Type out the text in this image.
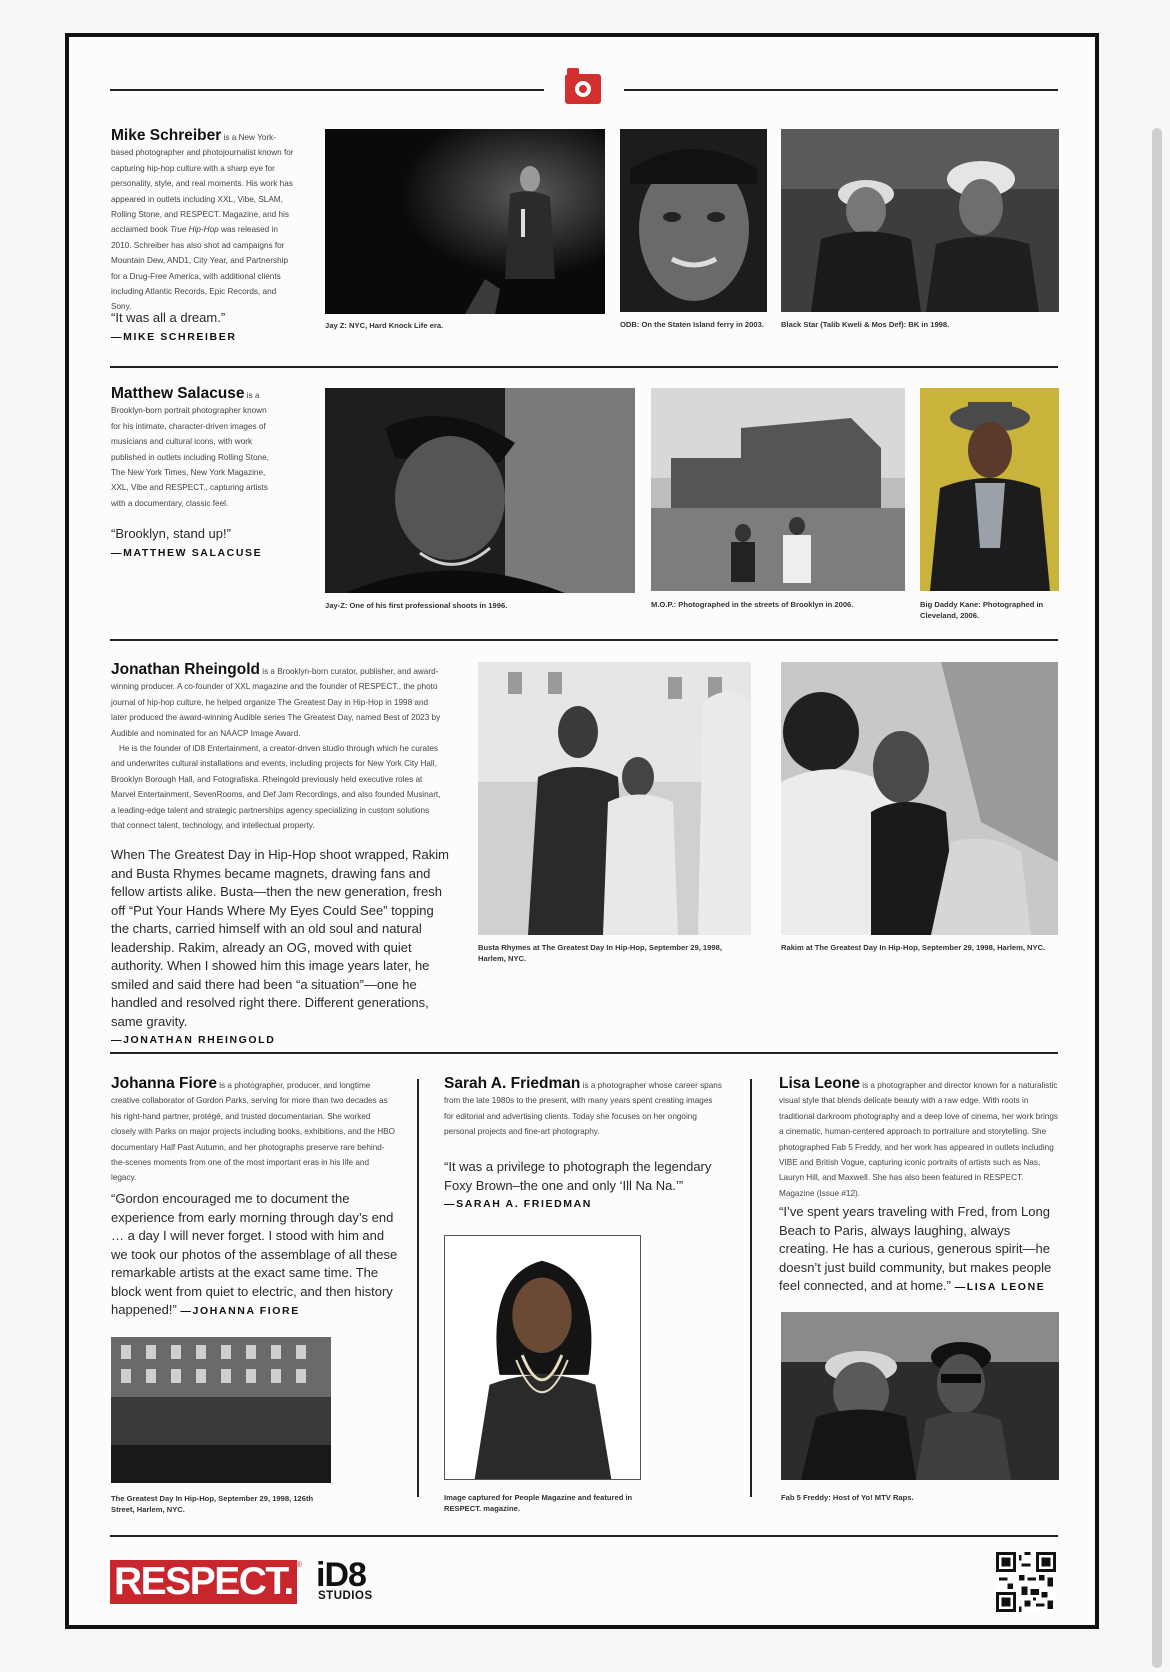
Mike Schreiber is a New York-based photographer and photojournalist known for capturing hip-hop culture with a sharp eye for personality, style, and real moments. His work has appeared in outlets including XXL, Vibe, SLAM, Rolling Stone, and RESPECT. Magazine, and his acclaimed book True Hip-Hop was released in 2010. Schreiber has also shot ad campaigns for Mountain Dew, AND1, City Year, and Partnership for a Drug-Free America, with additional clients including Atlantic Records, Epic Records, and Sony.
“It was all a dream.”
—MIKE SCHREIBER
Jay Z: NYC, Hard Knock Life era.	ODB: On the Staten Island ferry in 2003.	Black Star (Talib Kweli & Mos Def): BK in 1998.
Matthew Salacuse is a Brooklyn-born portrait photographer known for his intimate, character-driven images of musicians and cultural icons, with work published in outlets including Rolling Stone, The New York Times, New York Magazine, XXL, Vibe and RESPECT., capturing artists with a documentary, classic feel.
“Brooklyn, stand up!”
—MATTHEW SALACUSE
Jay-Z: One of his first professional shoots in 1996.	M.O.P.: Photographed in the streets of Brooklyn in 2006.	Big Daddy Kane: Photographed in Cleveland, 2006.
Jonathan Rheingold is a Brooklyn-born curator, publisher, and award-winning producer. A co-founder of XXL magazine and the founder of RESPECT., the photo journal of hip-hop culture, he helped organize The Greatest Day in Hip-Hop in 1998 and later produced the award-winning Audible series The Greatest Day, named Best of 2023 by Audible and nominated for an NAACP Image Award.
He is the founder of iD8 Entertainment, a creator-driven studio through which he curates and underwrites cultural installations and events, including projects for New York City Hall, Brooklyn Borough Hall, and Fotografiska. Rheingold previously held executive roles at Marvel Entertainment, SevenRooms, and Def Jam Recordings, and also founded Musinart, a leading-edge talent and strategic partnerships agency specializing in custom solutions that connect talent, technology, and intellectual property.
When The Greatest Day in Hip-Hop shoot wrapped, Rakim and Busta Rhymes became magnets, drawing fans and fellow artists alike. Busta—then the new generation, fresh off “Put Your Hands Where My Eyes Could See” topping the charts, carried himself with an old soul and natural leadership. Rakim, already an OG, moved with quiet authority. When I showed him this image years later, he smiled and said there had been “a situation”—one he handled and resolved right there. Different generations, same gravity.
—JONATHAN RHEINGOLD
Busta Rhymes at The Greatest Day In Hip-Hop, September 29, 1998, Harlem, NYC.
Rakim at The Greatest Day In Hip-Hop, September 29, 1998, Harlem, NYC.
Johanna Fiore is a photographer, producer, and longtime creative collaborator of Gordon Parks, serving for more than two decades as his right-hand partner, protégé, and trusted documentarian. She worked closely with Parks on major projects including books, exhibitions, and the HBO documentary Half Past Autumn, and her photographs preserve rare behind-the-scenes moments from one of the most important eras in his life and legacy.
“Gordon encouraged me to document the experience from early morning through day’s end … a day I will never forget. I stood with him and we took our photos of the assemblage of all these remarkable artists at the exact same time. The block went from quiet to electric, and then history happened!” —JOHANNA FIORE
The Greatest Day In Hip-Hop, September 29, 1998, 126th Street, Harlem, NYC.
Sarah A. Friedman is a photographer whose career spans from the late 1980s to the present, with many years spent creating images for editorial and advertising clients. Today she focuses on her ongoing personal projects and fine-art photography.
“It was a privilege to photograph the legendary Foxy Brown–the one and only ‘Ill Na Na.’”
—SARAH A. FRIEDMAN
Image captured for People Magazine and featured in RESPECT. magazine.
Lisa Leone is a photographer and director known for a naturalistic visual style that blends delicate beauty with a raw edge. With roots in traditional darkroom photography and a deep love of cinema, her work brings a cinematic, human-centered approach to portraiture and storytelling. She photographed Fab 5 Freddy, and her work has appeared in outlets including VIBE and British Vogue, capturing iconic portraits of artists such as Nas, Lauryn Hill, and Maxwell. She has also been featured in RESPECT. Magazine (Issue #12).
“I’ve spent years traveling with Fred, from Long Beach to Paris, always laughing, always creating. He has a curious, generous spirit—he doesn’t just build community, but makes people feel connected, and at home.” —LISA LEONE
Fab 5 Freddy: Host of Yo! MTV Raps.
RESPECT. ® iD8
STUDIOS
